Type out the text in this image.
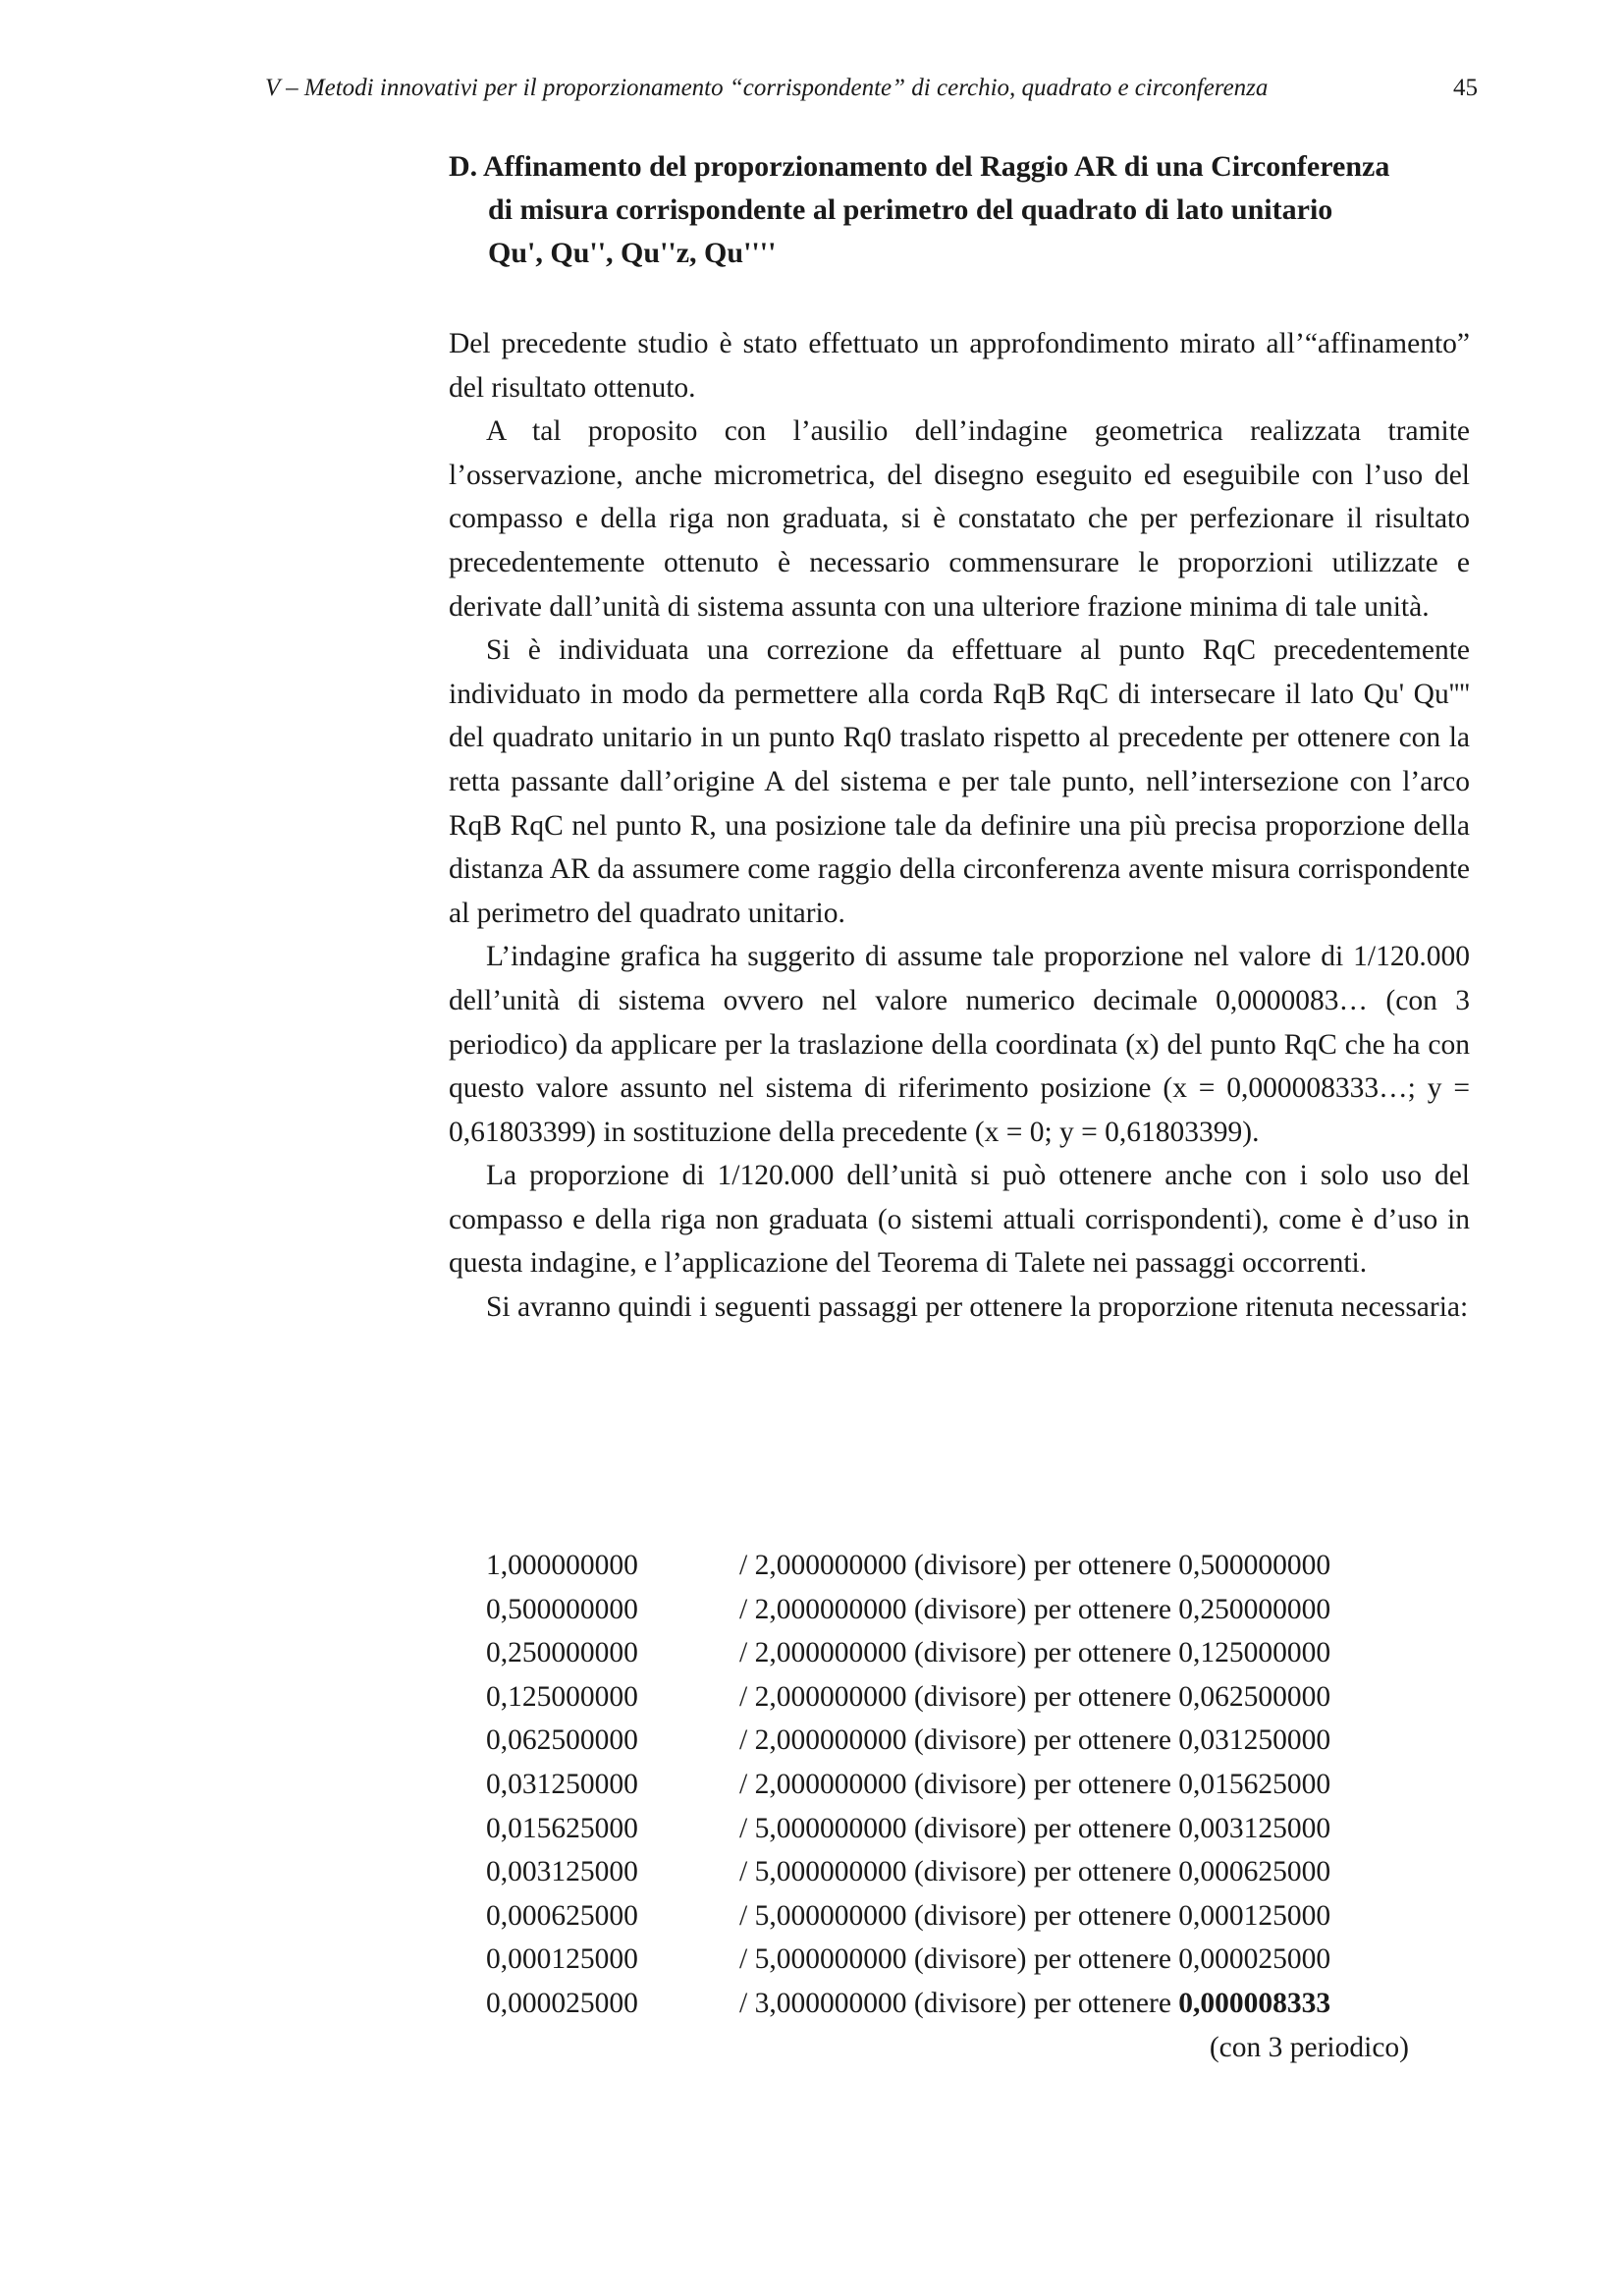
V – Metodi innovativi per il proporzionamento “corrispondente” di cerchio, quadrato e circonferenza	45
D. Affinamento del proporzionamento del Raggio AR di una Circonferenza
di misura corrispondente al perimetro del quadrato di lato unitario
Qu', Qu'', Qu''z, Qu''''

Del precedente studio è stato effettuato un approfondimento mirato all’“affinamento” del risultato ottenuto.

A tal proposito con l’ausilio dell’indagine geometrica realizzata tramite l’osservazione, anche micrometrica, del disegno eseguito ed eseguibile con l’uso del compasso e della riga non graduata, si è constatato che per perfezionare il risultato precedentemente ottenuto è necessario commensurare le proporzioni utilizzate e derivate dall’unità di sistema assunta con una ulteriore frazione minima di tale unità.

Si è individuata una correzione da effettuare al punto RqC precedentemente individuato in modo da permettere alla corda RqB RqC di intersecare il lato Qu' Qu'''' del quadrato unitario in un punto Rq0 traslato rispetto al precedente per ottenere con la retta passante dall’origine A del sistema e per tale punto, nell’intersezione con l’arco RqB RqC nel punto R, una posizione tale da definire una più precisa proporzione della distanza AR da assumere come raggio della circonferenza avente misura corrispondente al perimetro del quadrato unitario.

L’indagine grafica ha suggerito di assume tale proporzione nel valore di 1/120.000 dell’unità di sistema ovvero nel valore numerico decimale 0,0000083… (con 3 periodico) da applicare per la traslazione della coordinata (x) del punto RqC che ha con questo valore assunto nel sistema di riferimento posizione (x = 0,000008333…; y = 0,61803399) in sostituzione della precedente (x = 0; y = 0,61803399).

La proporzione di 1/120.000 dell’unità si può ottenere anche con i solo uso del compasso e della riga non graduata (o sistemi attuali corrispondenti), come è d’uso in questa indagine, e l’applicazione del Teorema di Talete nei passaggi occorrenti.

Si avranno quindi i seguenti passaggi per ottenere la proporzione ritenuta necessaria:

1,000000000	/ 2,000000000 (divisore) per ottenere 0,500000000
0,500000000	/ 2,000000000 (divisore) per ottenere 0,250000000
0,250000000	/ 2,000000000 (divisore) per ottenere 0,125000000
0,125000000	/ 2,000000000 (divisore) per ottenere 0,062500000
0,062500000	/ 2,000000000 (divisore) per ottenere 0,031250000
0,031250000	/ 2,000000000 (divisore) per ottenere 0,015625000
0,015625000	/ 5,000000000 (divisore) per ottenere 0,003125000
0,003125000	/ 5,000000000 (divisore) per ottenere 0,000625000
0,000625000	/ 5,000000000 (divisore) per ottenere 0,000125000
0,000125000	/ 5,000000000 (divisore) per ottenere 0,000025000
0,000025000	/ 3,000000000 (divisore) per ottenere 0,000008333
(con 3 periodico)
